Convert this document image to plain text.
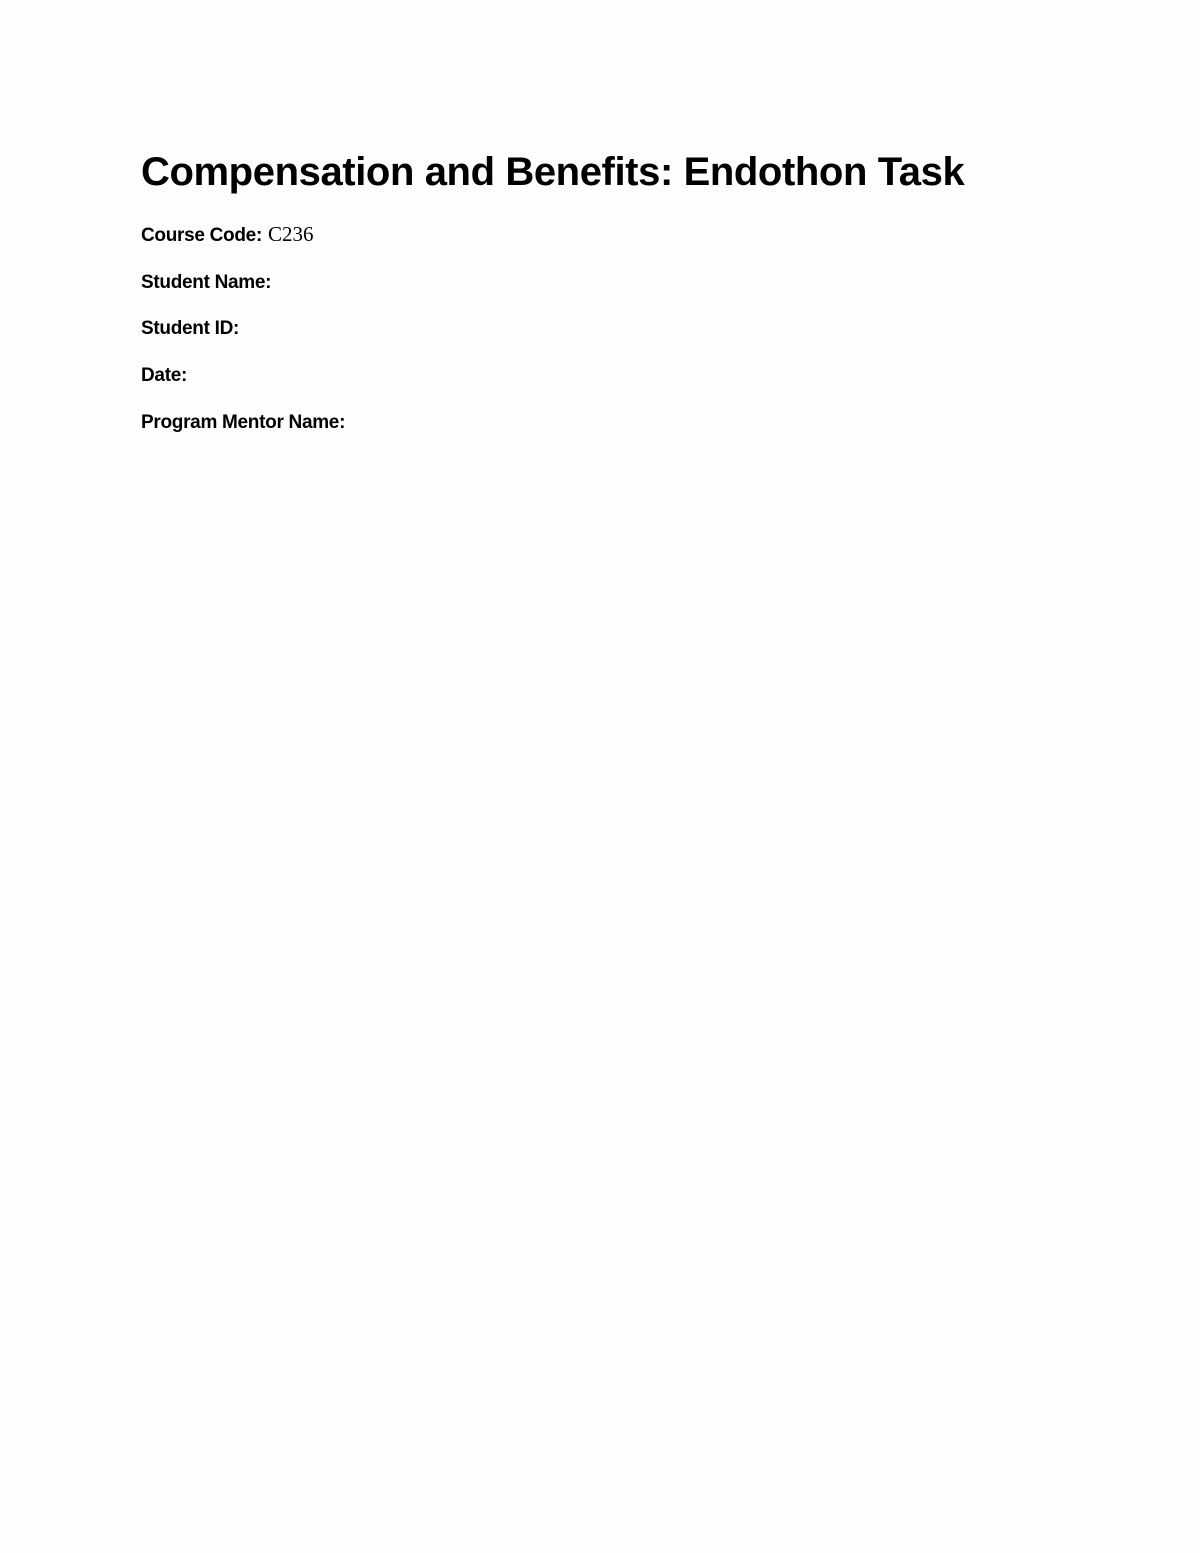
Compensation and Benefits: Endothon Task

Course Code: C236

Student Name:

Student ID:

Date:

Program Mentor Name:
